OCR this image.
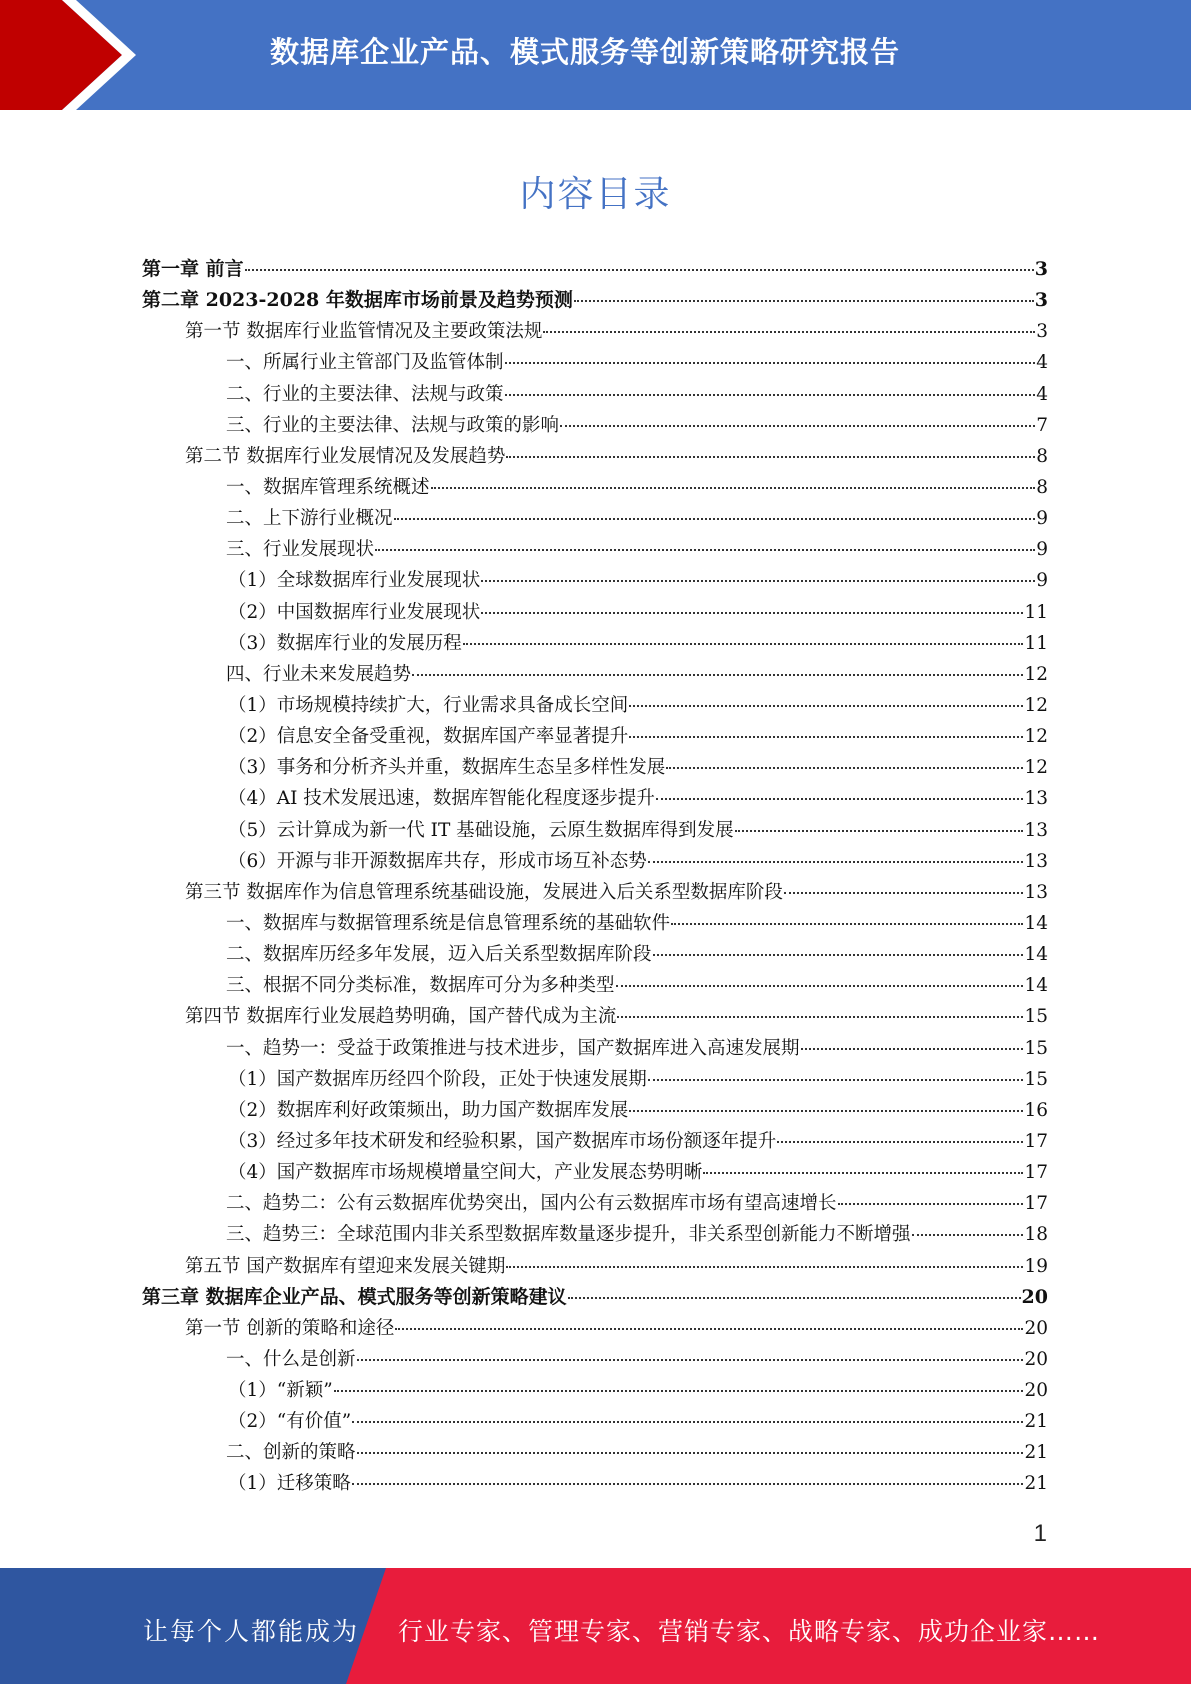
数据库企业产品、模式服务等创新策略研究报告
内容目录
第一章 前言	3
第二章 2023-2028 年数据库市场前景及趋势预测	3
第一节 数据库行业监管情况及主要政策法规	3
一、所属行业主管部门及监管体制	4
二、行业的主要法律、法规与政策	4
三、行业的主要法律、法规与政策的影响	7
第二节 数据库行业发展情况及发展趋势	8
一、数据库管理系统概述	8
二、上下游行业概况	9
三、行业发展现状	9
（1）全球数据库行业发展现状	9
（2）中国数据库行业发展现状	11
（3）数据库行业的发展历程	11
四、行业未来发展趋势	12
（1）市场规模持续扩大，行业需求具备成长空间	12
（2）信息安全备受重视，数据库国产率显著提升	12
（3）事务和分析齐头并重，数据库生态呈多样性发展	12
（4）AI 技术发展迅速，数据库智能化程度逐步提升	13
（5）云计算成为新一代 IT 基础设施，云原生数据库得到发展	13
（6）开源与非开源数据库共存，形成市场互补态势	13
第三节 数据库作为信息管理系统基础设施，发展进入后关系型数据库阶段	13
一、数据库与数据管理系统是信息管理系统的基础软件	14
二、数据库历经多年发展，迈入后关系型数据库阶段	14
三、根据不同分类标准，数据库可分为多种类型	14
第四节 数据库行业发展趋势明确，国产替代成为主流	15
一、趋势一：受益于政策推进与技术进步，国产数据库进入高速发展期	15
（1）国产数据库历经四个阶段，正处于快速发展期	15
（2）数据库利好政策频出，助力国产数据库发展	16
（3）经过多年技术研发和经验积累，国产数据库市场份额逐年提升	17
（4）国产数据库市场规模增量空间大，产业发展态势明晰	17
二、趋势二：公有云数据库优势突出，国内公有云数据库市场有望高速增长	17
三、趋势三：全球范围内非关系型数据库数量逐步提升，非关系型创新能力不断增强	18
第五节 国产数据库有望迎来发展关键期	19
第三章 数据库企业产品、模式服务等创新策略建议	20
第一节 创新的策略和途径	20
一、什么是创新	20
（1）“新颖”	20
（2）“有价值”	21
二、创新的策略	21
（1）迁移策略	21
1
让每个人都能成为 行业专家、管理专家、营销专家、战略专家、成功企业家……
